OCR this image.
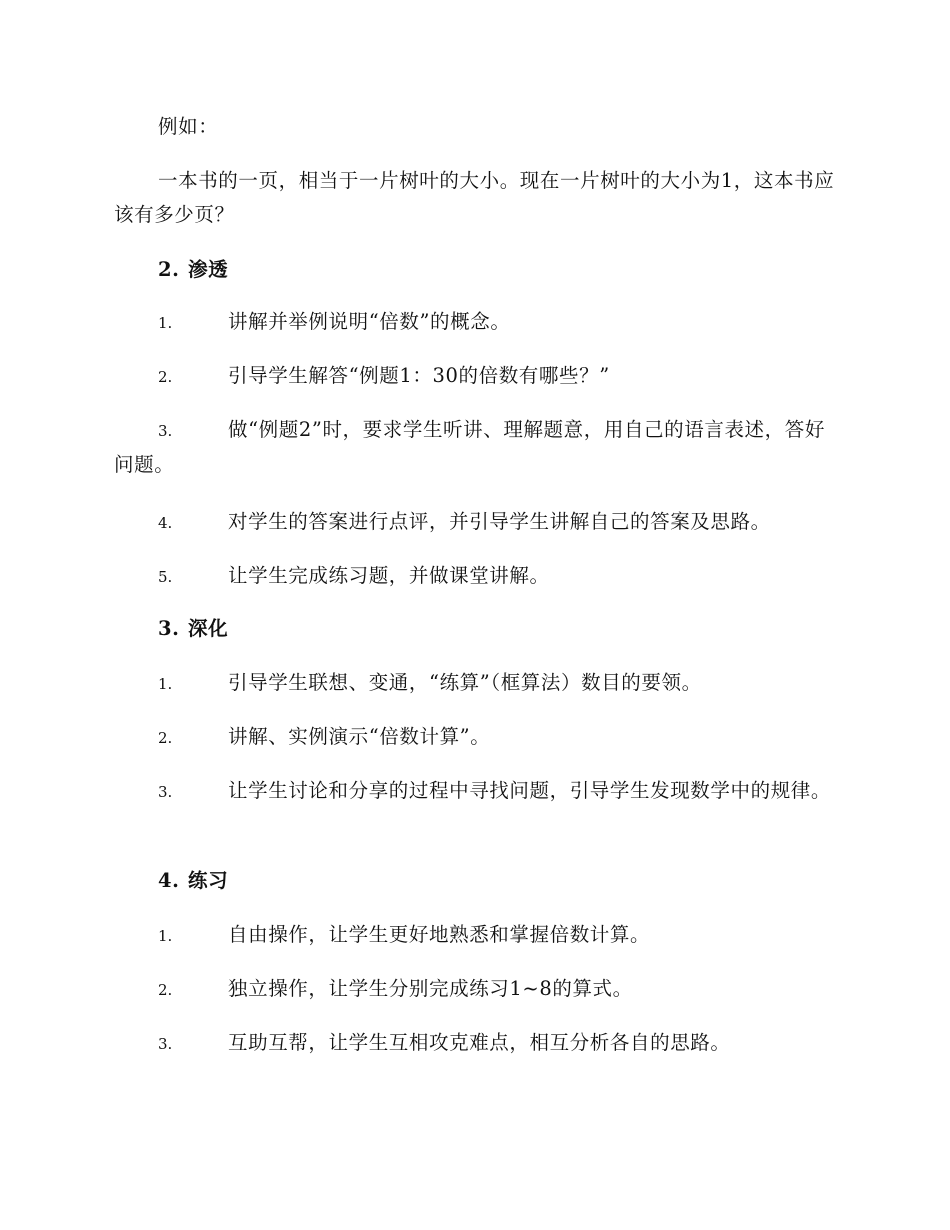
例如：

一本书的一页，相当于一片树叶的大小。现在一片树叶的大小为1，这本书应该有多少页？

2. 渗透

1.	讲解并举例说明“倍数”的概念。

2.	引导学生解答“例题1：30的倍数有哪些？”

3.	做“例题2”时，要求学生听讲、理解题意，用自己的语言表述，答好问题。

4.	对学生的答案进行点评，并引导学生讲解自己的答案及思路。

5.	让学生完成练习题，并做课堂讲解。

3. 深化

1.	引导学生联想、变通，“练算”（框算法）数目的要领。

2.	讲解、实例演示“倍数计算”。

3.	让学生讨论和分享的过程中寻找问题，引导学生发现数学中的规律。

4. 练习

1.	自由操作，让学生更好地熟悉和掌握倍数计算。

2.	独立操作，让学生分别完成练习1~8的算式。

3.	互助互帮，让学生互相攻克难点，相互分析各自的思路。
